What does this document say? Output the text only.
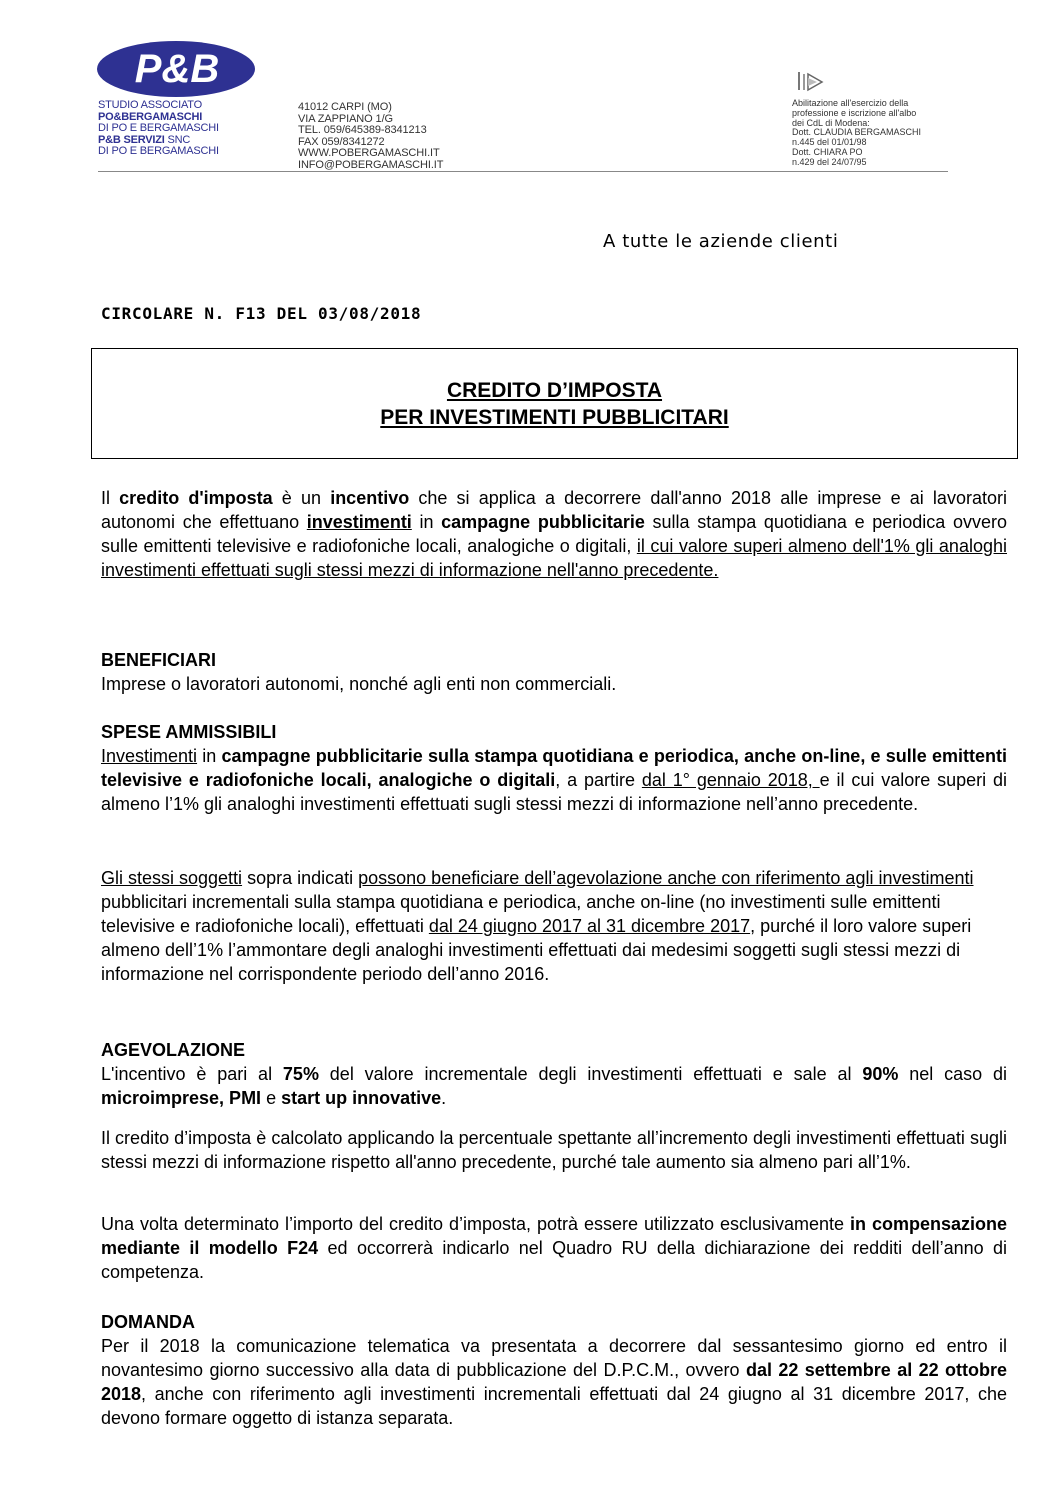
P&B
STUDIO ASSOCIATO
PO&BERGAMASCHI
DI PO E BERGAMASCHI
P&B SERVIZI SNC
DI PO E BERGAMASCHI
41012 CARPI (MO)
VIA ZAPPIANO 1/G
TEL. 059/645389-8341213
FAX 059/8341272
WWW.POBERGAMASCHI.IT
INFO@POBERGAMASCHI.IT
Abilitazione all'esercizio della
professione e iscrizione all'albo
dei CdL di Modena:
Dott. CLAUDIA BERGAMASCHI
n.445 del 01/01/98
Dott. CHIARA PO
n.429 del 24/07/95
A tutte le aziende clienti
CIRCOLARE N. F13 DEL 03/08/2018
CREDITO D’IMPOSTA
PER INVESTIMENTI PUBBLICITARI
Il credito d'imposta è un incentivo che si applica a decorrere dall'anno 2018 alle imprese e ai lavoratori autonomi che effettuano investimenti in campagne pubblicitarie sulla stampa quotidiana e periodica ovvero sulle emittenti televisive e radiofoniche locali, analogiche o digitali, il cui valore superi almeno dell'1% gli analoghi investimenti effettuati sugli stessi mezzi di informazione nell'anno precedente.
BENEFICIARI
Imprese o lavoratori autonomi, nonché agli enti non commerciali.
SPESE AMMISSIBILI
Investimenti in campagne pubblicitarie sulla stampa quotidiana e periodica, anche on-line, e sulle emittenti televisive e radiofoniche locali, analogiche o digitali, a partire dal 1° gennaio 2018, e il cui valore superi di almeno l’1% gli analoghi investimenti effettuati sugli stessi mezzi di informazione nell’anno precedente.
Gli stessi soggetti sopra indicati possono beneficiare dell’agevolazione anche con riferimento agli investimenti pubblicitari incrementali sulla stampa quotidiana e periodica, anche on-line (no investimenti sulle emittenti televisive e radiofoniche locali), effettuati dal 24 giugno 2017 al 31 dicembre 2017, purché il loro valore superi almeno dell’1% l’ammontare degli analoghi investimenti effettuati dai medesimi soggetti sugli stessi mezzi di informazione nel corrispondente periodo dell’anno 2016.
AGEVOLAZIONE
L'incentivo è pari al 75% del valore incrementale degli investimenti effettuati e sale al 90% nel caso di microimprese, PMI e start up innovative.
Il credito d’imposta è calcolato applicando la percentuale spettante all’incremento degli investimenti effettuati sugli stessi mezzi di informazione rispetto all'anno precedente, purché tale aumento sia almeno pari all’1%.
Una volta determinato l’importo del credito d’imposta, potrà essere utilizzato esclusivamente in compensazione mediante il modello F24 ed occorrerà indicarlo nel Quadro RU della dichiarazione dei redditi dell’anno di competenza.
DOMANDA
Per il 2018 la comunicazione telematica va presentata a decorrere dal sessantesimo giorno ed entro il novantesimo giorno successivo alla data di pubblicazione del D.P.C.M., ovvero dal 22 settembre al 22 ottobre 2018, anche con riferimento agli investimenti incrementali effettuati dal 24 giugno al 31 dicembre 2017, che devono formare oggetto di istanza separata.
